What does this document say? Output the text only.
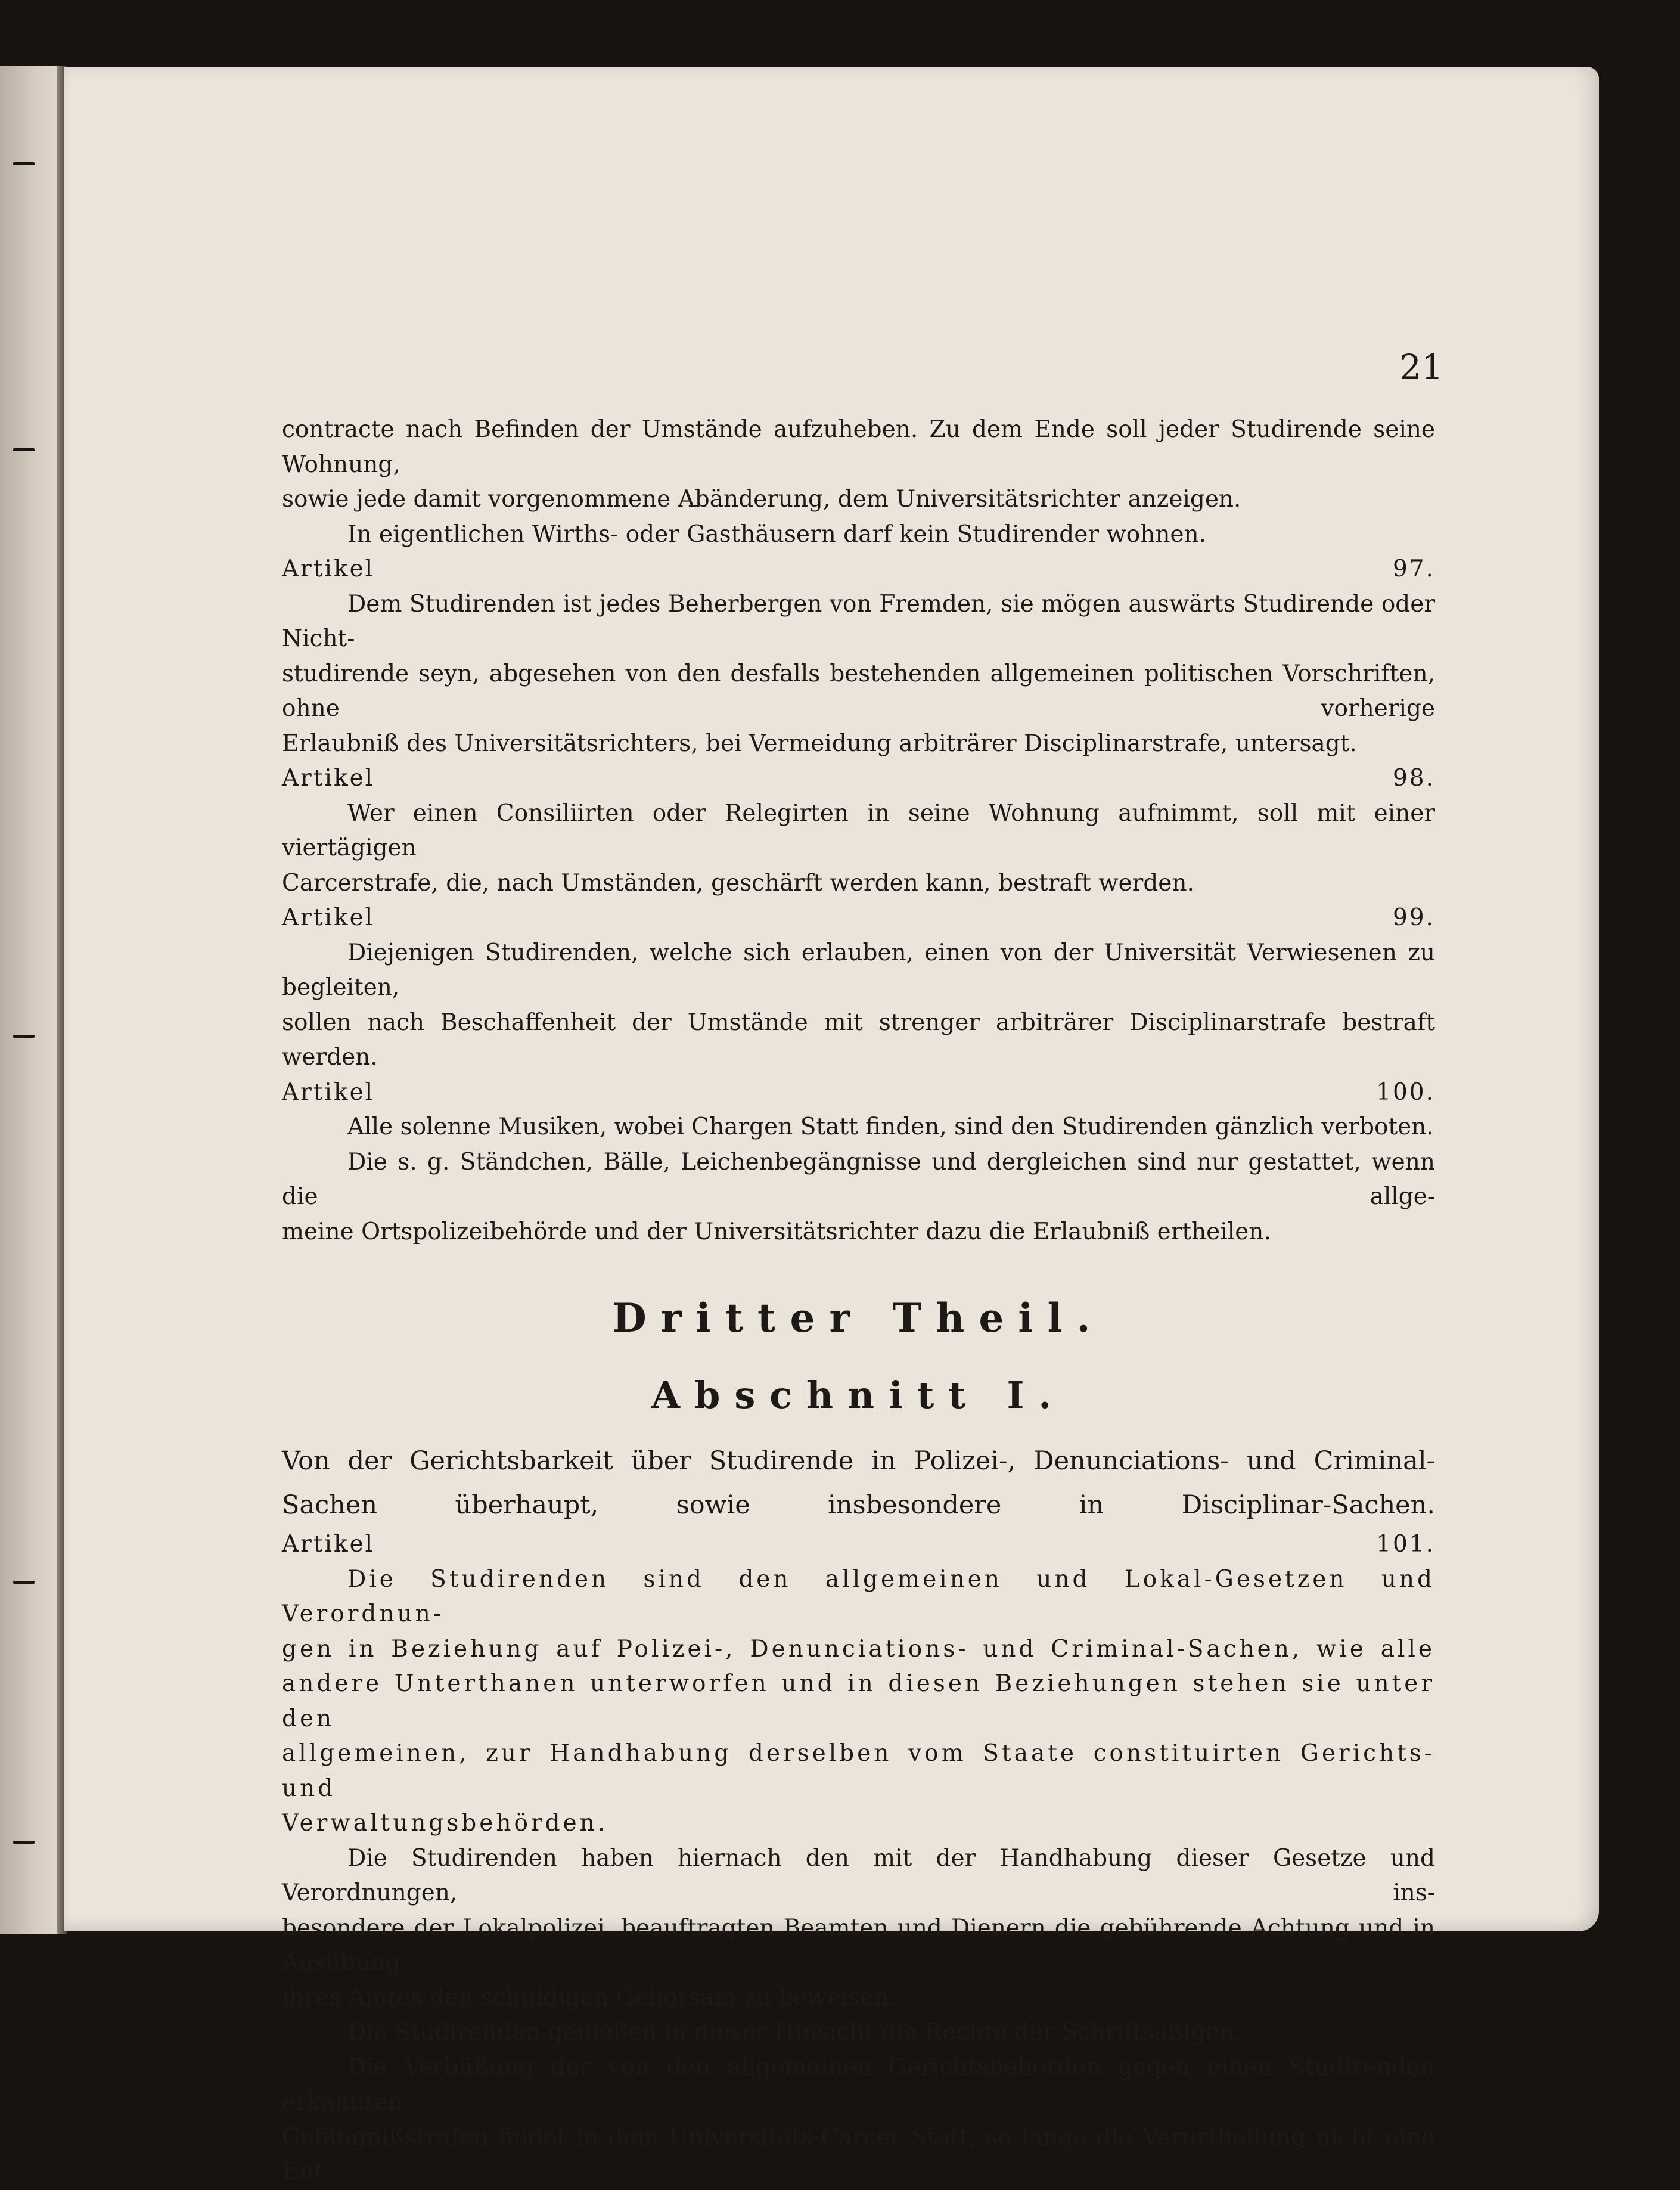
21

contracte nach Befinden der Umstände aufzuheben. Zu dem Ende soll jeder Studirende seine Wohnung,

sowie jede damit vorgenommene Abänderung, dem Universitätsrichter anzeigen.

In eigentlichen Wirths- oder Gasthäusern darf kein Studirender wohnen.

Artikel 97.

Dem Studirenden ist jedes Beherbergen von Fremden, sie mögen auswärts Studirende oder Nicht-

studirende seyn, abgesehen von den desfalls bestehenden allgemeinen politischen Vorschriften, ohne vorherige

Erlaubniß des Universitätsrichters, bei Vermeidung arbiträrer Disciplinarstrafe, untersagt.

Artikel 98.

Wer einen Consiliirten oder Relegirten in seine Wohnung aufnimmt, soll mit einer viertägigen

Carcerstrafe, die, nach Umständen, geschärft werden kann, bestraft werden.

Artikel 99.

Diejenigen Studirenden, welche sich erlauben, einen von der Universität Verwiesenen zu begleiten,

sollen nach Beschaffenheit der Umstände mit strenger arbiträrer Disciplinarstrafe bestraft werden.

Artikel 100.

Alle solenne Musiken, wobei Chargen Statt finden, sind den Studirenden gänzlich verboten.

Die s. g. Ständchen, Bälle, Leichenbegängnisse und dergleichen sind nur gestattet, wenn die allge-

meine Ortspolizeibehörde und der Universitätsrichter dazu die Erlaubniß ertheilen.

Dritter Theil.
Abschnitt I.

Von der Gerichtsbarkeit über Studirende in Polizei-, Denunciations- und Criminal-

Sachen überhaupt, sowie insbesondere in Disciplinar-Sachen.

Artikel 101.

Die Studirenden sind den allgemeinen und Lokal-Gesetzen und Verordnun-

gen in Beziehung auf Polizei-, Denunciations- und Criminal-Sachen, wie alle

andere Unterthanen unterworfen und in diesen Beziehungen stehen sie unter den

allgemeinen, zur Handhabung derselben vom Staate constituirten Gerichts- und

Verwaltungsbehörden.

Die Studirenden haben hiernach den mit der Handhabung dieser Gesetze und Verordnungen, ins-

besondere der Lokalpolizei, beauftragten Beamten und Dienern die gebührende Achtung und in Ausübung

ihres Amtes den schuldigen Gehorsam zu beweisen.

Die Studirenden genießen in dieser Hinsicht die Rechte der Schriftsäßigen.

Die Verbüßung der von den allgemeinen Gerichtsbehörden gegen einen Studirenden erkannten

Gefängnißstrafen findet in dem Universitäts-Carcer Statt, so lange die Verurtheilung nicht eine Ent-
